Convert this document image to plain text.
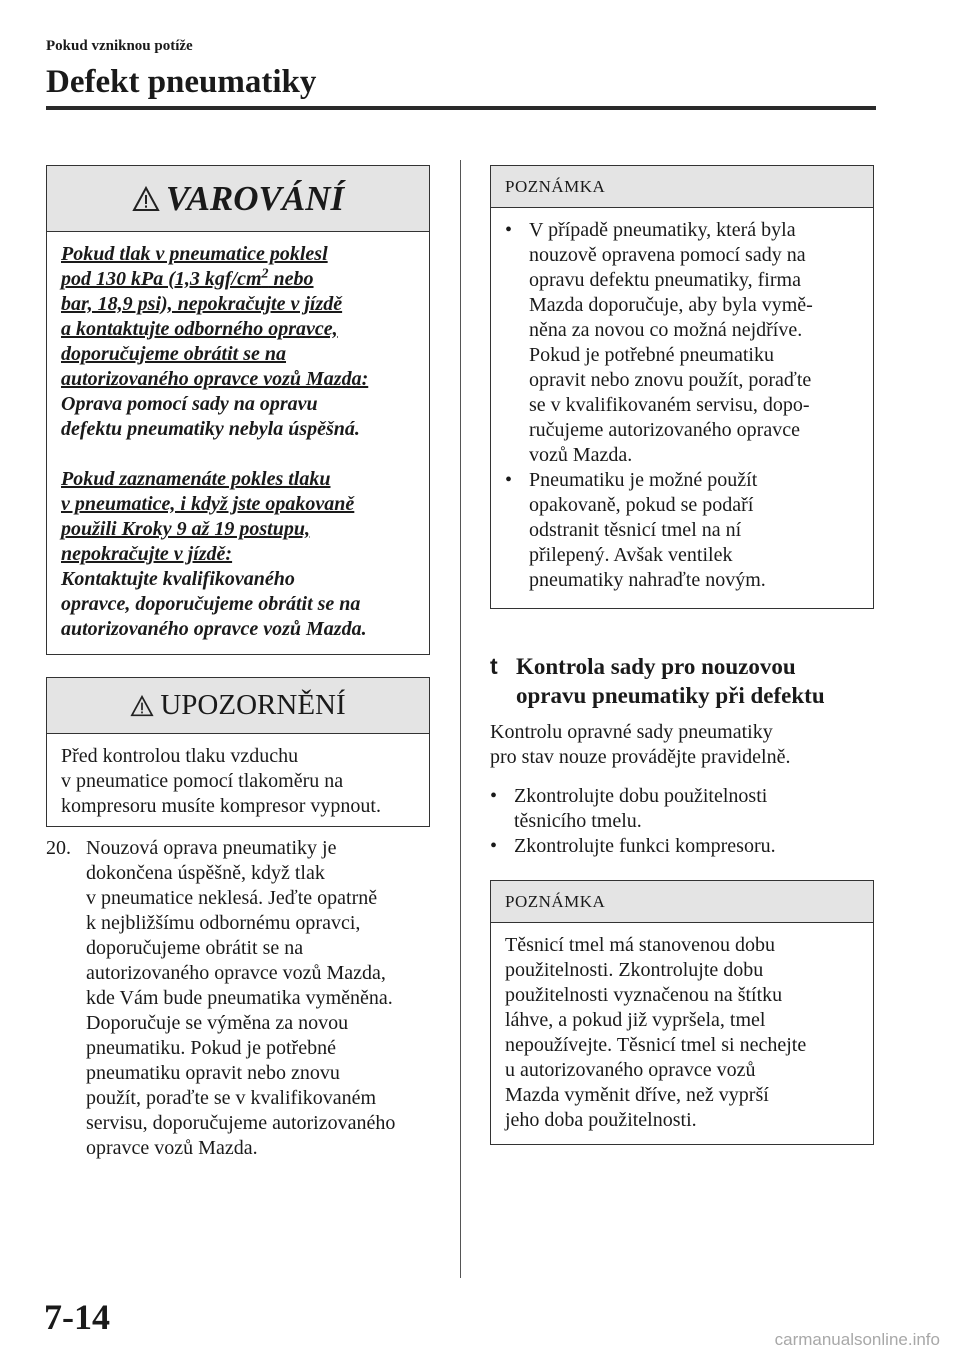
Pokud vzniknou potíže
Defekt pneumatiky
VAROVÁNÍ
Pokud tlak v pneumatice poklesl
pod 130 kPa (1,3 kgf/$cm^2$ nebo
bar, 18,9 psi), nepokračujte v jízdě
a kontaktujte odborného opravce,
doporučujeme obrátit se na
autorizovaného opravce vozů Mazda:
Oprava pomocí sady na opravu
defektu pneumatiky nebyla úspěšná.
Pokud zaznamenáte pokles tlaku
v pneumatice, i když jste opakovaně
použili Kroky 9 až 19 postupu,
nepokračujte v jízdě:
Kontaktujte kvalifikovaného
opravce, doporučujeme obrátit se na
autorizovaného opravce vozů Mazda.
UPOZORNĚNÍ
Před kontrolou tlaku vzduchu
v pneumatice pomocí tlakoměru na
kompresoru musíte kompresor vypnout.
20. Nouzová oprava pneumatiky je
dokončena úspěšně, když tlak
v pneumatice neklesá. Jeďte opatrně
k nejbližšímu odbornému opravci,
doporučujeme obrátit se na
autorizovaného opravce vozů Mazda,
kde Vám bude pneumatika vyměněna.
Doporučuje se výměna za novou
pneumatiku. Pokud je potřebné
pneumatiku opravit nebo znovu
použít, poraďte se v kvalifikovaném
servisu, doporučujeme autorizovaného
opravce vozů Mazda.
POZNÁMKA
• V případě pneumatiky, která byla
nouzově opravena pomocí sady na
opravu defektu pneumatiky, firma
Mazda doporučuje, aby byla vymě-
něna za novou co možná nejdříve.
Pokud je potřebné pneumatiku
opravit nebo znovu použít, poraďte
se v kvalifikovaném servisu, dopo-
ručujeme autorizovaného opravce
vozů Mazda.
• Pneumatiku je možné použít
opakovaně, pokud se podaří
odstranit těsnicí tmel na ní
přilepený. Avšak ventilek
pneumatiky nahraďte novým.
t Kontrola sady pro nouzovou
opravu pneumatiky při defektu
Kontrolu opravné sady pneumatiky
pro stav nouze provádějte pravidelně.
• Zkontrolujte dobu použitelnosti
těsnicího tmelu.
• Zkontrolujte funkci kompresoru.
POZNÁMKA
Těsnicí tmel má stanovenou dobu
použitelnosti. Zkontrolujte dobu
použitelnosti vyznačenou na štítku
láhve, a pokud již vypršela, tmel
nepoužívejte. Těsnicí tmel si nechejte
u autorizovaného opravce vozů
Mazda vyměnit dříve, než vyprší
jeho doba použitelnosti.
7-14
carmanualsonline.info
